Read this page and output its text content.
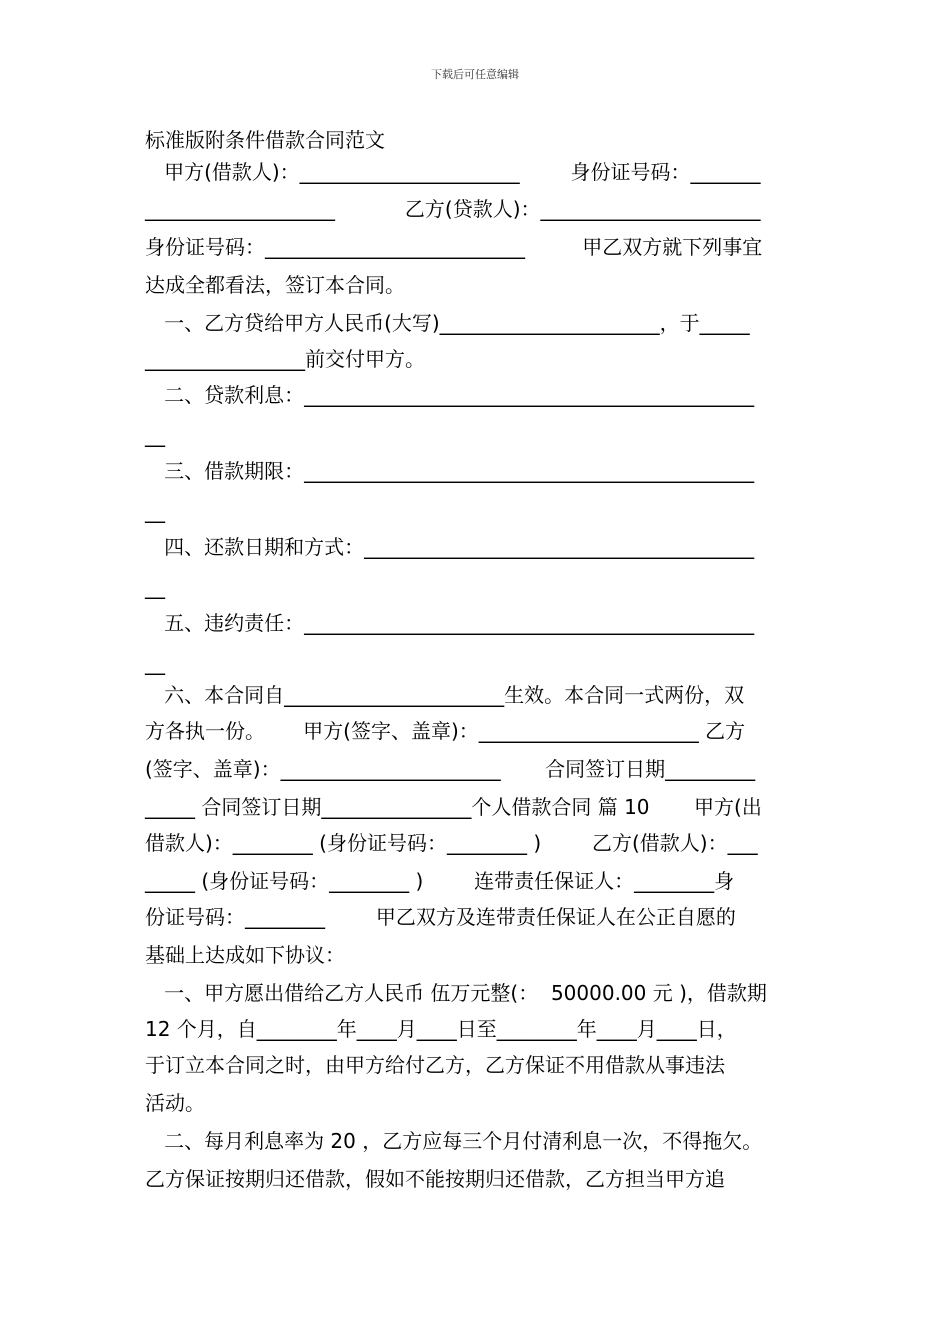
下载后可任意编辑
标准版附条件借款合同范文
甲方(借款人)：______________________        身份证号码：_______
___________________           乙方(贷款人)：______________________
身份证号码：__________________________         甲乙双方就下列事宜
达成全都看法，签订本合同。
一、乙方贷给甲方人民币(大写)______________________，于_____
________________前交付甲方。
二、贷款利息：_____________________________________________
__
三、借款期限：_____________________________________________
__
四、还款日期和方式：_______________________________________
__
五、违约责任：_____________________________________________
__
六、本合同自______________________生效。本合同一式两份，双
方各执一份。      甲方(签字、盖章)：______________________ 乙方
(签字、盖章)：______________________       合同签订日期_________
_____ 合同签订日期_______________个人借款合同 篇 10       甲方(出
借款人)：________ (身份证号码：________ )        乙方(借款人)：___
_____ (身份证号码：________ )        连带责任保证人：________身
份证号码：________        甲乙双方及连带责任保证人在公正自愿的
基础上达成如下协议：
一、甲方愿出借给乙方人民币 伍万元整(：  50000.00 元 )，借款期
12 个月，自________年____月____日至________年____月____日，
于订立本合同之时，由甲方给付乙方，乙方保证不用借款从事违法
活动。
二、每月利息率为 20 ，乙方应每三个月付清利息一次，不得拖欠。
乙方保证按期归还借款，假如不能按期归还借款，乙方担当甲方追
